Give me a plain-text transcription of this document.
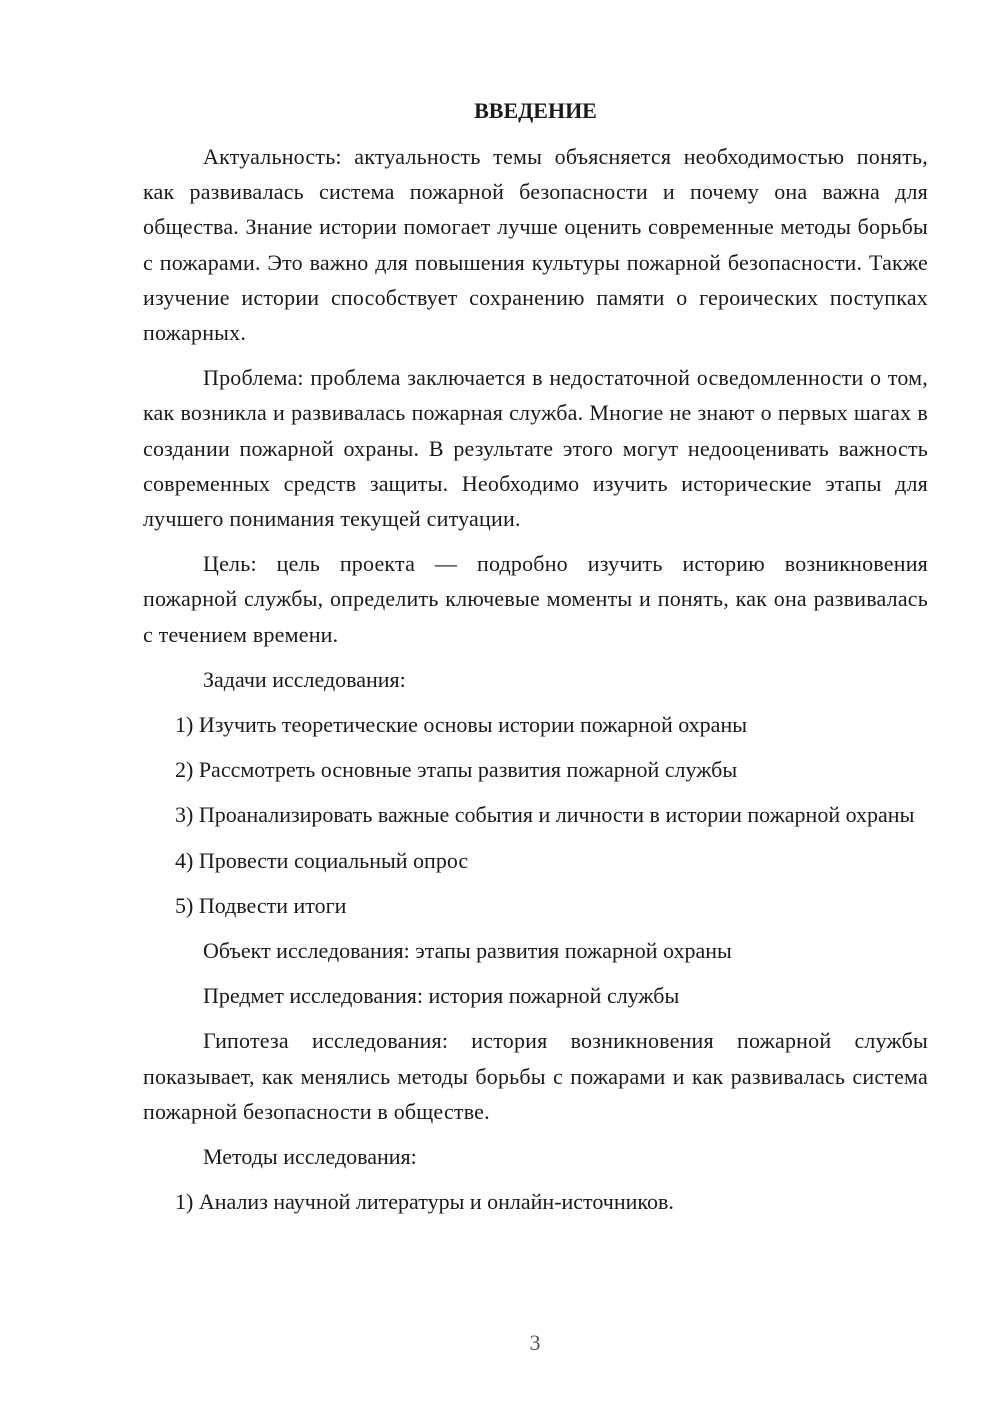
ВВЕДЕНИЕ

Актуальность: актуальность темы объясняется необходимостью понять, как развивалась система пожарной безопасности и почему она важна для общества. Знание истории помогает лучше оценить современные методы борьбы с пожарами. Это важно для повышения культуры пожарной безопасности. Также изучение истории способствует сохранению памяти о героических поступках пожарных.

Проблема: проблема заключается в недостаточной осведомленности о том, как возникла и развивалась пожарная служба. Многие не знают о первых шагах в создании пожарной охраны. В результате этого могут недооценивать важность современных средств защиты. Необходимо изучить исторические этапы для лучшего понимания текущей ситуации.

Цель: цель проекта — подробно изучить историю возникновения пожарной службы, определить ключевые моменты и понять, как она развивалась с течением времени.

Задачи исследования:

1) Изучить теоретические основы истории пожарной охраны

2) Рассмотреть основные этапы развития пожарной службы

3) Проанализировать важные события и личности в истории пожарной охраны

4) Провести социальный опрос

5) Подвести итоги

Объект исследования: этапы развития пожарной охраны

Предмет исследования: история пожарной службы

Гипотеза исследования: история возникновения пожарной службы показывает, как менялись методы борьбы с пожарами и как развивалась система пожарной безопасности в обществе.

Методы исследования:

1) Анализ научной литературы и онлайн-источников.

3
